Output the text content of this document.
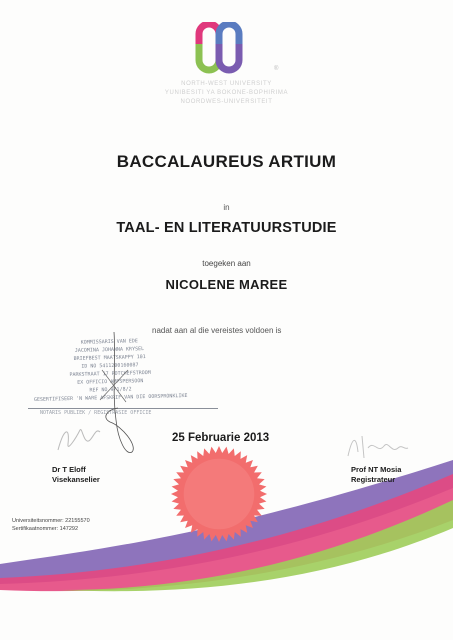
®
NORTH-WEST UNIVERSITY
YUNIBESITI YA BOKONE-BOPHIRIMA
NOORDWES-UNIVERSITEIT
BACCALAUREUS ARTIUM
in
TAAL- EN LITERATUURSTUDIE
toegeken aan
NICOLENE MAREE
nadat aan al die vereistes voldoen is
KOMMISSARIS VAN EDE
JACOMINA JOHANNA KRYSEL
BRIEFBEST MAATSKAPPY 101
ID NO 5411200160087
PARKSTRAAT 17 POTCHEFSTROOM
EX OFFICIO AMPSPERSOON
REF NO 9/1/8/2
GESERTIFISEER 'N WARE AFSKRIF VAN DIE OORSPRONKLIKE
NOTARIS PUBLIEK / REGISTRASIE OFFICIE
25 Februarie 2013
Dr T Eloff
Visekanselier
Prof NT Mosia
Registrateur
Universiteitsnommer: 22155570
Sertifikaatnommer: 147292
